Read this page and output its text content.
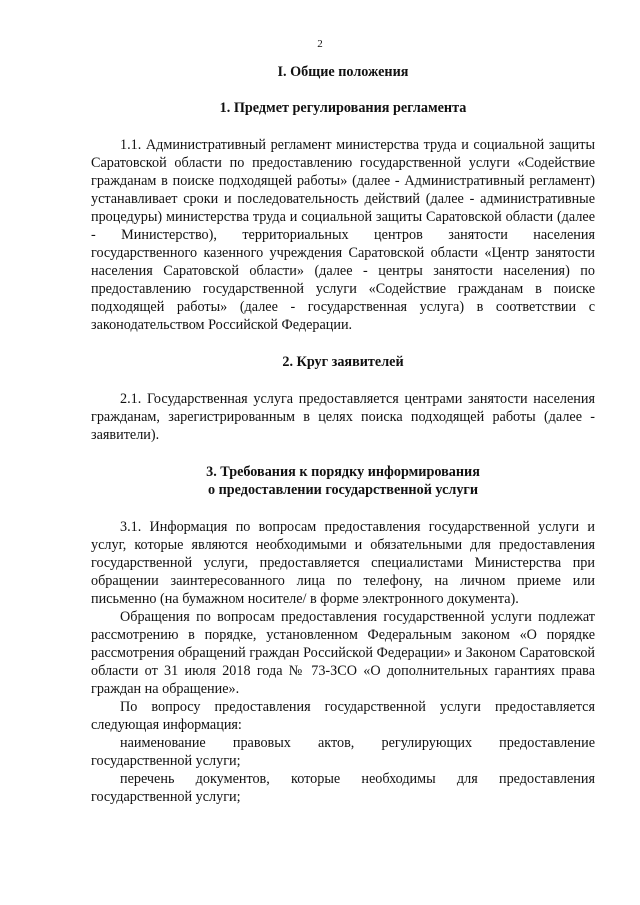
2
I. Общие положения
1. Предмет регулирования регламента

1.1. Административный регламент министерства труда и социальной защиты Саратовской области по предоставлению государственной услуги «Содействие гражданам в поиске подходящей работы» (далее - Административный регламент) устанавливает сроки и последовательность действий (далее - административные процедуры) министерства труда и социальной защиты Саратовской области (далее - Министерство), территориальных центров занятости населения государственного казенного учреждения Саратовской области «Центр занятости населения Саратовской области» (далее - центры занятости населения) по предоставлению государственной услуги «Содействие гражданам в поиске подходящей работы» (далее - государственная услуга) в соответствии с законодательством Российской Федерации.

2. Круг заявителей

2.1. Государственная услуга предоставляется центрами занятости населения гражданам, зарегистрированным в целях поиска подходящей работы (далее - заявители).

3. Требования к порядку информирования
о предоставлении государственной услуги

3.1. Информация по вопросам предоставления государственной услуги и услуг, которые являются необходимыми и обязательными для предоставления государственной услуги, предоставляется специалистами Министерства при обращении заинтересованного лица по телефону, на личном приеме или письменно (на бумажном носителе/ в форме электронного документа).

Обращения по вопросам предоставления государственной услуги подлежат рассмотрению в порядке, установленном Федеральным законом «О порядке рассмотрения обращений граждан Российской Федерации» и Законом Саратовской области от 31 июля 2018 года № 73-ЗСО «О дополнительных гарантиях права граждан на обращение».

По вопросу предоставления государственной услуги предоставляется следующая информация:

наименование правовых актов, регулирующих предоставление государственной услуги;

перечень документов, которые необходимы для предоставления государственной услуги;
